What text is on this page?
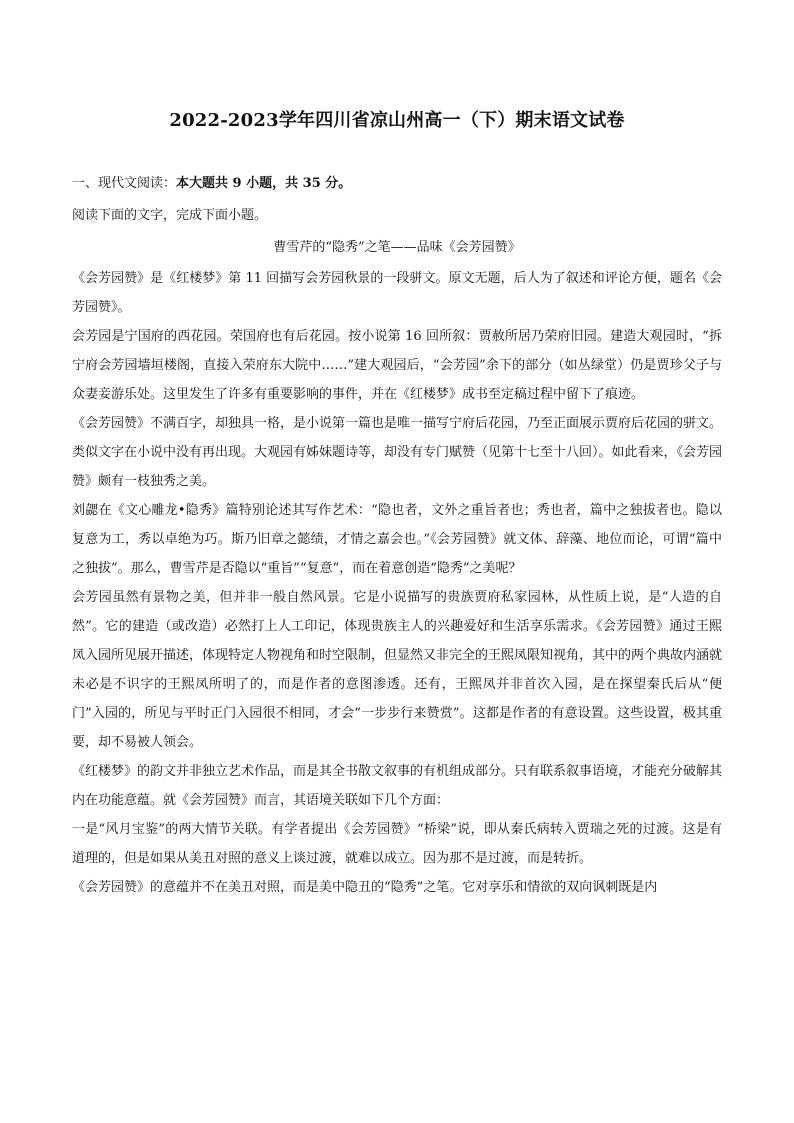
2022-2023学年四川省凉山州高一（下）期末语文试卷
一、现代文阅读：本大题共 9 小题，共 35 分。
阅读下面的文字，完成下面小题。
曹雪芹的“隐秀”之笔——品味《会芳园赞》

《会芳园赞》是《红楼梦》第 11 回描写会芳园秋景的一段骈文。原文无题，后人为了叙述和评论方便，题名《会芳园赞》。

会芳园是宁国府的西花园。荣国府也有后花园。按小说第 16 回所叙：贾赦所居乃荣府旧园。建造大观园时，“拆宁府会芳园墙垣楼阁，直接入荣府东大院中……”建大观园后，“会芳园”余下的部分（如丛绿堂）仍是贾珍父子与众妻妾游乐处。这里发生了许多有重要影响的事件，并在《红楼梦》成书至定稿过程中留下了痕迹。

《会芳园赞》不满百字，却独具一格，是小说第一篇也是唯一描写宁府后花园，乃至正面展示贾府后花园的骈文。类似文字在小说中没有再出现。大观园有姊妹题诗等，却没有专门赋赞（见第十七至十八回）。如此看来，《会芳园赞》颇有一枝独秀之美。

刘勰在《文心雕龙•隐秀》篇特别论述其写作艺术：“隐也者，文外之重旨者也；秀也者，篇中之独拔者也。隐以复意为工，秀以卓绝为巧。斯乃旧章之懿绩，才情之嘉会也。”《会芳园赞》就文体、辞藻、地位而论，可谓“篇中之独拔”。那么，曹雪芹是否隐以“重旨”“复意”，而在着意创造“隐秀”之美呢？

会芳园虽然有景物之美，但并非一般自然风景。它是小说描写的贵族贾府私家园林，从性质上说，是“人造的自然”。它的建造（或改造）必然打上人工印记，体现贵族主人的兴趣爱好和生活享乐需求。《会芳园赞》通过王熙凤入园所见展开描述，体现特定人物视角和时空限制，但显然又非完全的王熙凤限知视角，其中的两个典故内涵就未必是不识字的王熙凤所明了的，而是作者的意图渗透。还有，王熙凤并非首次入园，是在探望秦氏后从“便门”入园的，所见与平时正门入园很不相同，才会“一步步行来赞赏”。这都是作者的有意设置。这些设置，极其重要，却不易被人领会。

《红楼梦》的韵文并非独立艺术作品，而是其全书散文叙事的有机组成部分。只有联系叙事语境，才能充分破解其内在功能意蕴。就《会芳园赞》而言，其语境关联如下几个方面：

一是“风月宝鉴”的两大情节关联。有学者提出《会芳园赞》“桥梁”说，即从秦氏病转入贾瑞之死的过渡。这是有道理的，但是如果从美丑对照的意义上谈过渡，就难以成立。因为那不是过渡，而是转折。

《会芳园赞》的意蕴并不在美丑对照，而是美中隐丑的“隐秀”之笔。它对享乐和情欲的双向讽刺既是内
